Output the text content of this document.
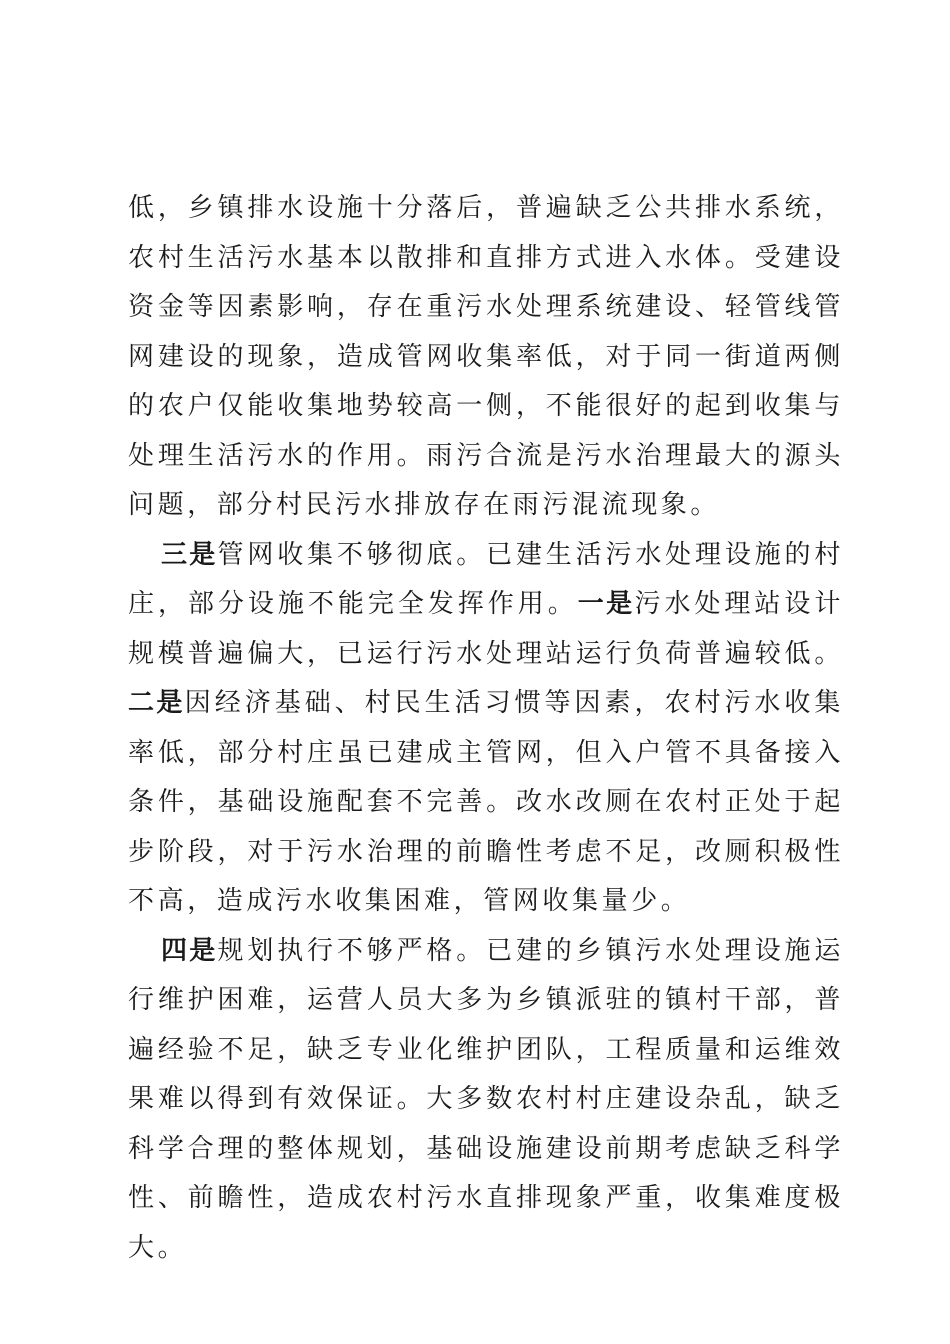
低，乡镇排水设施十分落后，普遍缺乏公共排水系统，农村生活污水基本以散排和直排方式进入水体。受建设资金等因素影响，存在重污水处理系统建设、轻管线管网建设的现象，造成管网收集率低，对于同一街道两侧的农户仅能收集地势较高一侧，不能很好的起到收集与处理生活污水的作用。雨污合流是污水治理最大的源头问题，部分村民污水排放存在雨污混流现象。

三是管网收集不够彻底。已建生活污水处理设施的村庄，部分设施不能完全发挥作用。一是污水处理站设计规模普遍偏大，已运行污水处理站运行负荷普遍较低。二是因经济基础、村民生活习惯等因素，农村污水收集率低，部分村庄虽已建成主管网，但入户管不具备接入条件，基础设施配套不完善。改水改厕在农村正处于起步阶段，对于污水治理的前瞻性考虑不足，改厕积极性不高，造成污水收集困难，管网收集量少。

四是规划执行不够严格。已建的乡镇污水处理设施运行维护困难，运营人员大多为乡镇派驻的镇村干部，普遍经验不足，缺乏专业化维护团队，工程质量和运维效果难以得到有效保证。大多数农村村庄建设杂乱，缺乏科学合理的整体规划，基础设施建设前期考虑缺乏科学性、前瞻性，造成农村污水直排现象严重，收集难度极大。
